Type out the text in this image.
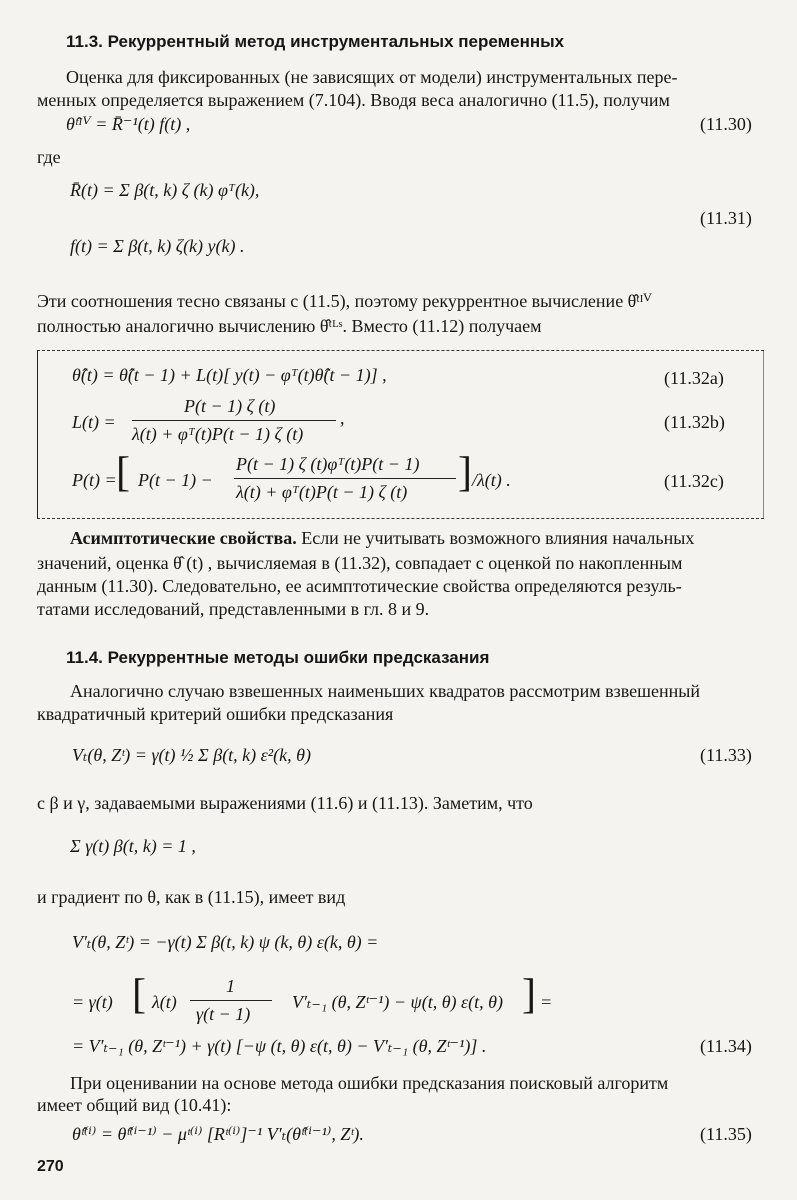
11.3. Рекуррентный метод инструментальных переменных
Оценка для фиксированных (не зависящих от модели) инструментальных пере-
менных определяется выражением (7.104). Вводя веса аналогично (11.5), получим
θ̂ᵗᴵⱽ = R̄⁻¹(t) f(t) ,	(11.30)
где
R̄(t) = Σ β(t, k) ζ (k) φᵀ(k),
f(t) = Σ β(t, k) ζ(k) y(k) .
(11.31)
Эти соотношения тесно связаны с (11.5), поэтому рекуррентное вычисление θ̂ᵗᴵⱽ
полностью аналогично вычислению θ̂ᵗᴸˢ. Вместо (11.12) получаем
θ̂(t) = θ̂(t − 1) + L(t)[ y(t) − φᵀ(t)θ̂(t − 1)] ,	(11.32a)
L(t) =
P(t − 1) ζ (t)
λ(t) + φᵀ(t)P(t − 1) ζ (t)
,	(11.32b)
P(t) = [ P(t − 1) −
P(t − 1) ζ (t)φᵀ(t)P(t − 1)
λ(t) + φᵀ(t)P(t − 1) ζ (t) ] /λ(t) .	(11.32c)
Асимптотические свойства. Если не учитывать возможного влияния начальных
значений, оценка θ̂ (t) , вычисляемая в (11.32), совпадает с оценкой по накопленным
данным (11.30). Следовательно, ее асимптотические свойства определяются резуль-
татами исследований, представленными в гл. 8 и 9.
11.4. Рекуррентные методы ошибки предсказания
Аналогично случаю взвешенных наименьших квадратов рассмотрим взвешенный
квадратичный критерий ошибки предсказания
Vₜ(θ, Zᵗ) = γ(t) ½ Σ β(t, k) ε²(k, θ)	(11.33)
с β и γ, задаваемыми выражениями (11.6) и (11.13). Заметим, что
Σ γ(t) β(t, k) = 1 ,
и градиент по θ, как в (11.15), имеет вид
V′ₜ(θ, Zᵗ) = −γ(t) Σ β(t, k) ψ (k, θ) ε(k, θ) =
= γ(t) [ λ(t)
1
γ(t − 1)
V′ₜ₋₁ (θ, Zᵗ⁻¹) − ψ(t, θ) ε(t, θ) ] =
= V′ₜ₋₁ (θ, Zᵗ⁻¹) + γ(t) [−ψ (t, θ) ε(t, θ) − V′ₜ₋₁ (θ, Zᵗ⁻¹)] .	(11.34)
При оценивании на основе метода ошибки предсказания поисковый алгоритм
имеет общий вид (10.41):
θ̂ᵗ⁽ⁱ⁾ = θ̂ᵗ⁽ⁱ⁻¹⁾ − μᵗ⁽ⁱ⁾ [Rᵗ⁽ⁱ⁾]⁻¹ V′ₜ(θ̂ᵗ⁽ⁱ⁻¹⁾, Zᵗ).	(11.35)
270
